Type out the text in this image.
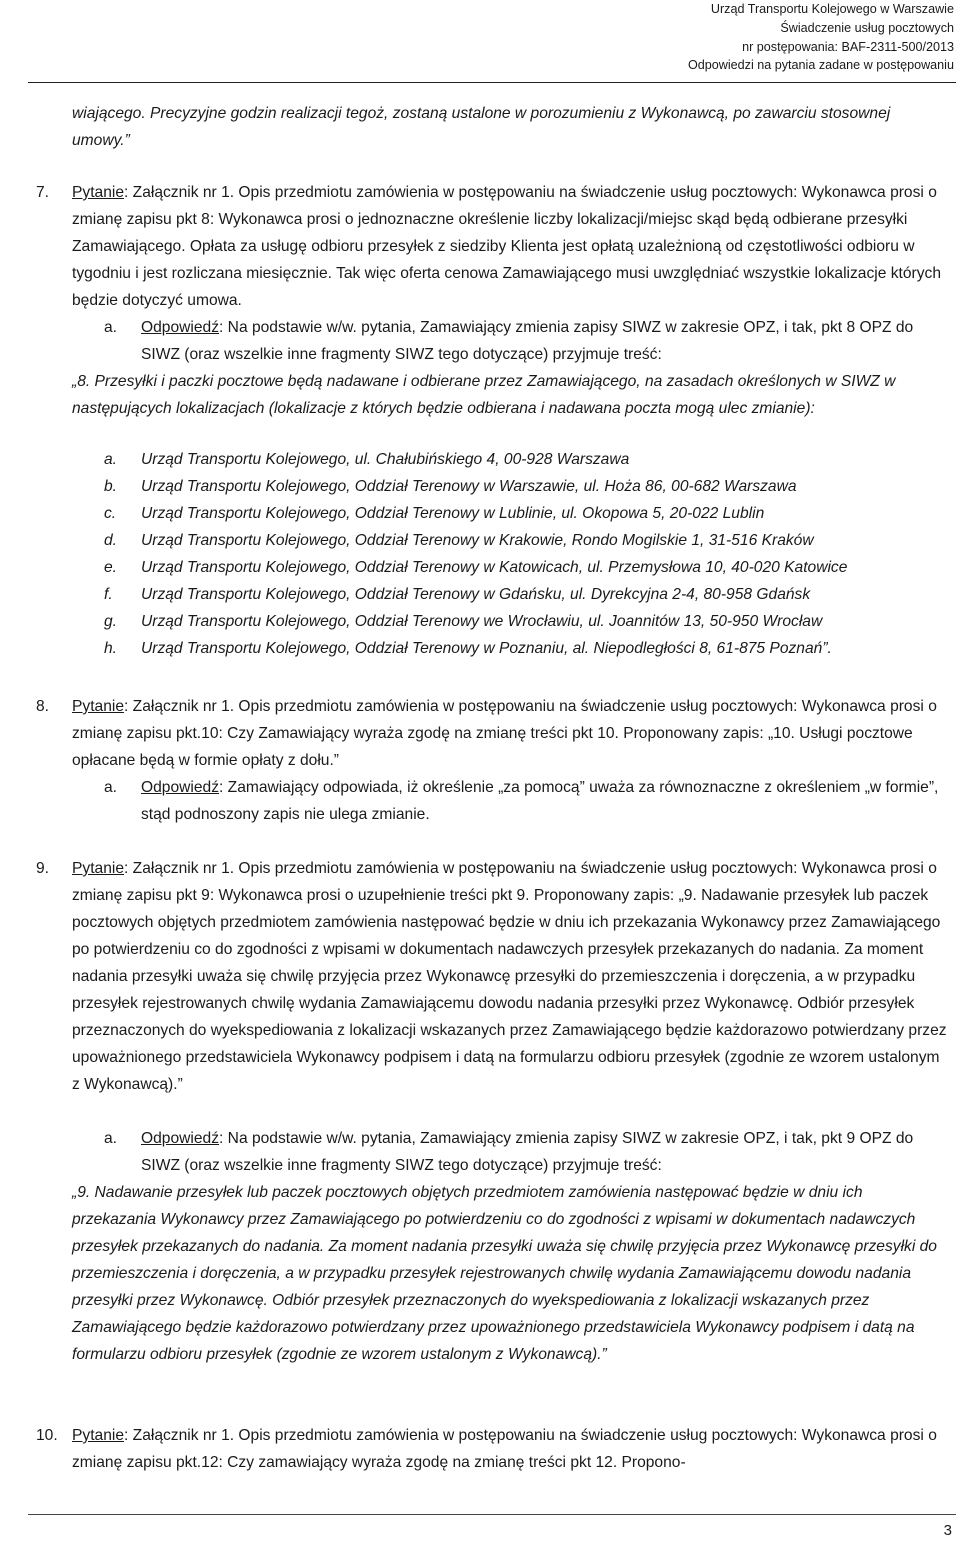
Urząd Transportu Kolejowego w Warszawie
Świadczenie usług pocztowych
nr postępowania: BAF-2311-500/2013
Odpowiedzi na pytania zadane w postępowaniu
wiającego. Precyzyjne godzin realizacji tegoż, zostaną ustalone w porozumieniu z Wykonawcą, po zawarciu stosownej umowy.”
7. Pytanie: Załącznik nr 1. Opis przedmiotu zamówienia w postępowaniu na świadczenie usług pocztowych: Wykonawca prosi o zmianę zapisu pkt 8: Wykonawca prosi o jednoznaczne określenie liczby lokalizacji/miejsc skąd będą odbierane przesyłki Zamawiającego. Opłata za usługę odbioru przesyłek z siedziby Klienta jest opłatą uzależnioną od częstotliwości odbioru w tygodniu i jest rozliczana miesięcznie. Tak więc oferta cenowa Zamawiającego musi uwzględniać wszystkie lokalizacje których będzie dotyczyć umowa.
a. Odpowiedź: Na podstawie w/w. pytania, Zamawiający zmienia zapisy SIWZ w zakresie OPZ, i tak, pkt 8 OPZ do SIWZ (oraz wszelkie inne fragmenty SIWZ tego dotyczące) przyjmuje treść:
„8. Przesyłki i paczki pocztowe będą nadawane i odbierane przez Zamawiającego, na zasadach określonych w SIWZ w następujących lokalizacjach (lokalizacje z których będzie odbierana i nadawana poczta mogą ulec zmianie):
a. Urząd Transportu Kolejowego, ul. Chałubińskiego 4, 00-928 Warszawa
b. Urząd Transportu Kolejowego, Oddział Terenowy w Warszawie, ul. Hoża 86, 00-682 Warszawa
c. Urząd Transportu Kolejowego, Oddział Terenowy w Lublinie, ul. Okopowa 5, 20-022 Lublin
d. Urząd Transportu Kolejowego, Oddział Terenowy w Krakowie, Rondo Mogilskie 1, 31-516 Kraków
e. Urząd Transportu Kolejowego, Oddział Terenowy w Katowicach, ul. Przemysłowa 10, 40-020 Katowice
f. Urząd Transportu Kolejowego, Oddział Terenowy w Gdańsku, ul. Dyrekcyjna 2-4, 80-958 Gdańsk
g. Urząd Transportu Kolejowego, Oddział Terenowy we Wrocławiu, ul. Joannitów 13, 50-950 Wrocław
h. Urząd Transportu Kolejowego, Oddział Terenowy w Poznaniu, al. Niepodległości 8, 61-875 Poznań”.
8. Pytanie: Załącznik nr 1. Opis przedmiotu zamówienia w postępowaniu na świadczenie usług pocztowych: Wykonawca prosi o zmianę zapisu pkt.10: Czy Zamawiający wyraża zgodę na zmianę treści pkt 10. Proponowany zapis: „10. Usługi pocztowe opłacane będą w formie opłaty z dołu.”
a. Odpowiedź: Zamawiający odpowiada, iż określenie „za pomocą” uważa za równoznaczne z określeniem „w formie”, stąd podnoszony zapis nie ulega zmianie.
9. Pytanie: Załącznik nr 1. Opis przedmiotu zamówienia w postępowaniu na świadczenie usług pocztowych: Wykonawca prosi o zmianę zapisu pkt 9: Wykonawca prosi o uzupełnienie treści pkt 9. Proponowany zapis: „9. Nadawanie przesyłek lub paczek pocztowych objętych przedmiotem zamówienia następować będzie w dniu ich przekazania Wykonawcy przez Zamawiającego po potwierdzeniu co do zgodności z wpisami w dokumentach nadawczych przesyłek przekazanych do nadania. Za moment nadania przesyłki uważa się chwilę przyjęcia przez Wykonawcę przesyłki do przemieszczenia i doręczenia, a w przypadku przesyłek rejestrowanych chwilę wydania Zamawiającemu dowodu nadania przesyłki przez Wykonawcę. Odbiór przesyłek przeznaczonych do wyekspediowania z lokalizacji wskazanych przez Zamawiającego będzie każdorazowo potwierdzany przez upoważnionego przedstawiciela Wykonawcy podpisem i datą na formularzu odbioru przesyłek (zgodnie ze wzorem ustalonym z Wykonawcą).”
a. Odpowiedź: Na podstawie w/w. pytania, Zamawiający zmienia zapisy SIWZ w zakresie OPZ, i tak, pkt 9 OPZ do SIWZ (oraz wszelkie inne fragmenty SIWZ tego dotyczące) przyjmuje treść:
„9. Nadawanie przesyłek lub paczek pocztowych objętych przedmiotem zamówienia następować będzie w dniu ich przekazania Wykonawcy przez Zamawiającego po potwierdzeniu co do zgodności z wpisami w dokumentach nadawczych przesyłek przekazanych do nadania. Za moment nadania przesyłki uważa się chwilę przyjęcia przez Wykonawcę przesyłki do przemieszczenia i doręczenia, a w przypadku przesyłek rejestrowanych chwilę wydania Zamawiającemu dowodu nadania przesyłki przez Wykonawcę. Odbiór przesyłek przeznaczonych do wyekspediowania z lokalizacji wskazanych przez Zamawiającego będzie każdorazowo potwierdzany przez upoważnionego przedstawiciela Wykonawcy podpisem i datą na formularzu odbioru przesyłek (zgodnie ze wzorem ustalonym z Wykonawcą).”
10. Pytanie: Załącznik nr 1. Opis przedmiotu zamówienia w postępowaniu na świadczenie usług pocztowych: Wykonawca prosi o zmianę zapisu pkt.12: Czy zamawiający wyraża zgodę na zmianę treści pkt 12. Propono-
3
